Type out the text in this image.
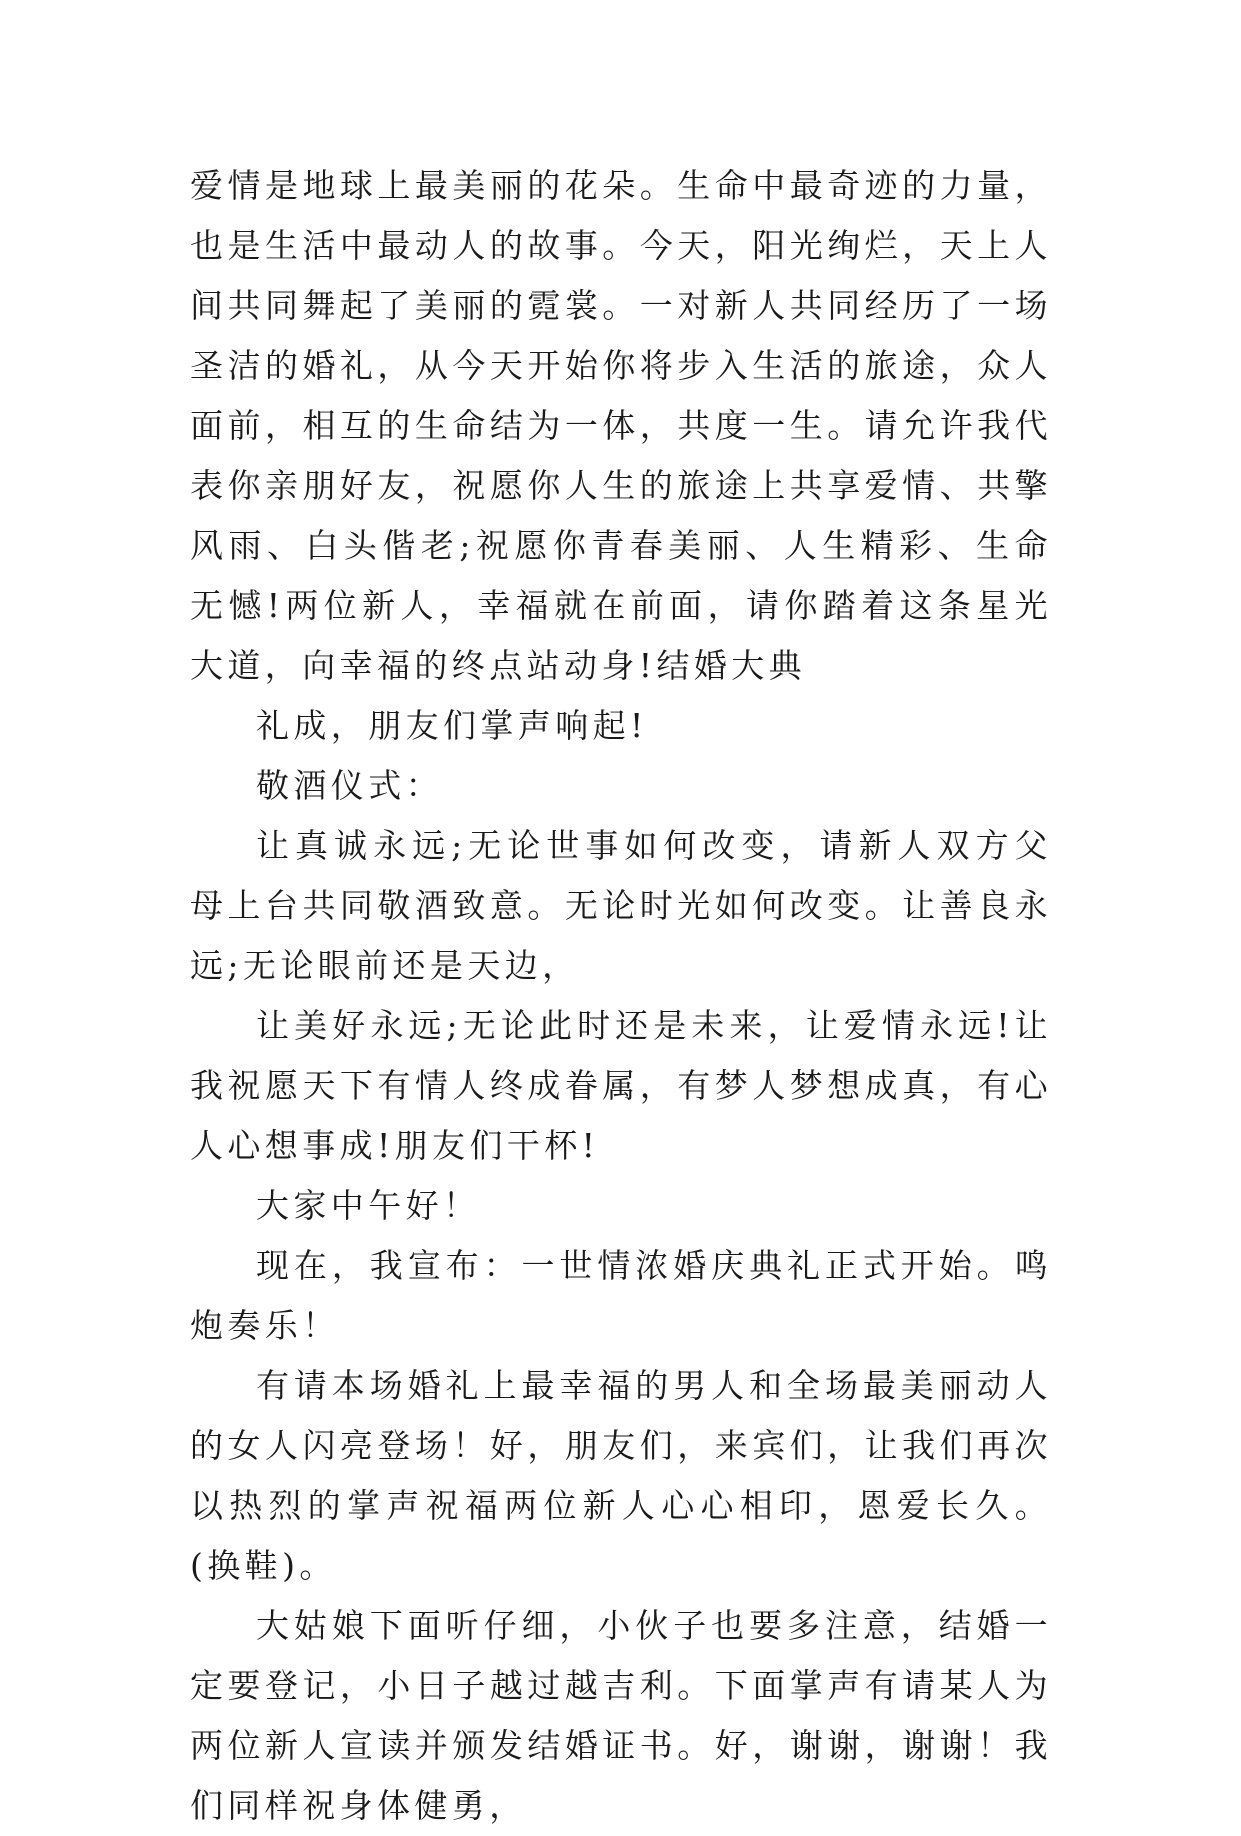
爱情是地球上最美丽的花朵。生命中最奇迹的力量，也是生活中最动人的故事。今天，阳光绚烂，天上人间共同舞起了美丽的霓裳。一对新人共同经历了一场圣洁的婚礼，从今天开始你将步入生活的旅途，众人面前，相互的生命结为一体，共度一生。请允许我代表你亲朋好友，祝愿你人生的旅途上共享爱情、共擎风雨、白头偕老;祝愿你青春美丽、人生精彩、生命无憾!两位新人，幸福就在前面，请你踏着这条星光大道，向幸福的终点站动身!结婚大典

礼成，朋友们掌声响起!

敬酒仪式：

让真诚永远;无论世事如何改变，请新人双方父母上台共同敬酒致意。无论时光如何改变。让善良永远;无论眼前还是天边，

让美好永远;无论此时还是未来，让爱情永远!让我祝愿天下有情人终成眷属，有梦人梦想成真，有心人心想事成!朋友们干杯!

大家中午好！

现在，我宣布：一世情浓婚庆典礼正式开始。鸣炮奏乐！

有请本场婚礼上最幸福的男人和全场最美丽动人的女人闪亮登场！好，朋友们，来宾们，让我们再次以热烈的掌声祝福两位新人心心相印，恩爱长久。(换鞋)。

大姑娘下面听仔细，小伙子也要多注意，结婚一定要登记，小日子越过越吉利。下面掌声有请某人为两位新人宣读并颁发结婚证书。好，谢谢，谢谢！我们同样祝身体健勇，
